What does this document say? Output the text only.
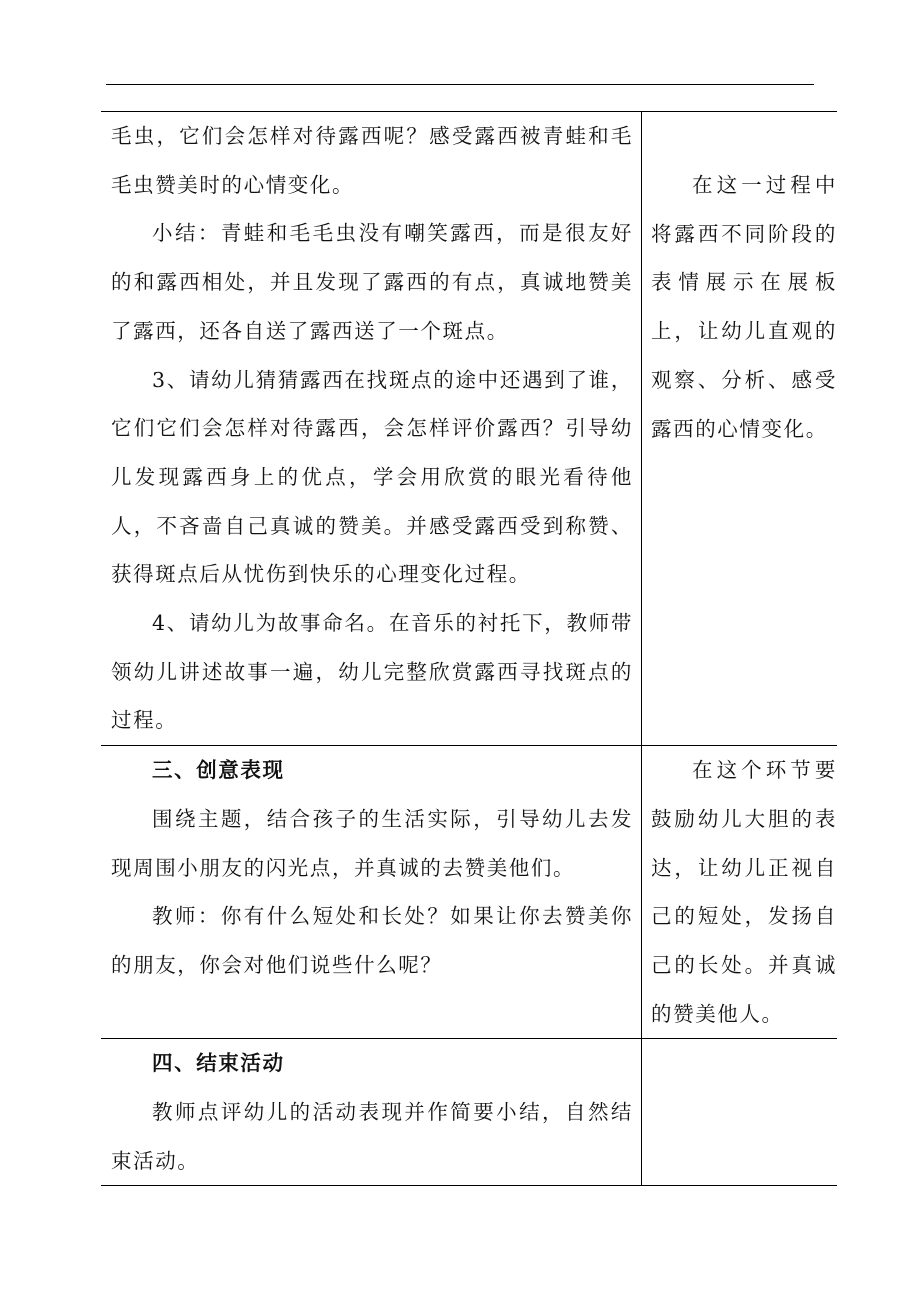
毛虫，它们会怎样对待露西呢？感受露西被青蛙和毛毛虫赞美时的心情变化。

小结：青蛙和毛毛虫没有嘲笑露西，而是很友好的和露西相处，并且发现了露西的有点，真诚地赞美了露西，还各自送了露西送了一个斑点。

3、请幼儿猜猜露西在找斑点的途中还遇到了谁，它们它们会怎样对待露西，会怎样评价露西？引导幼儿发现露西身上的优点，学会用欣赏的眼光看待他人，不吝啬自己真诚的赞美。并感受露西受到称赞、获得斑点后从忧伤到快乐的心理变化过程。

4、请幼儿为故事命名。在音乐的衬托下，教师带领幼儿讲述故事一遍，幼儿完整欣赏露西寻找斑点的过程。	在这一过程中将露西不同阶段的表情展示在展板上，让幼儿直观的观察、分析、感受露西的心情变化。

三、创意表现

围绕主题，结合孩子的生活实际，引导幼儿去发现周围小朋友的闪光点，并真诚的去赞美他们。

教师：你有什么短处和长处？如果让你去赞美你的朋友，你会对他们说些什么呢？	在这个环节要鼓励幼儿大胆的表达，让幼儿正视自己的短处，发扬自己的长处。并真诚的赞美他人。

四、结束活动

教师点评幼儿的活动表现并作简要小结，自然结束活动。	
